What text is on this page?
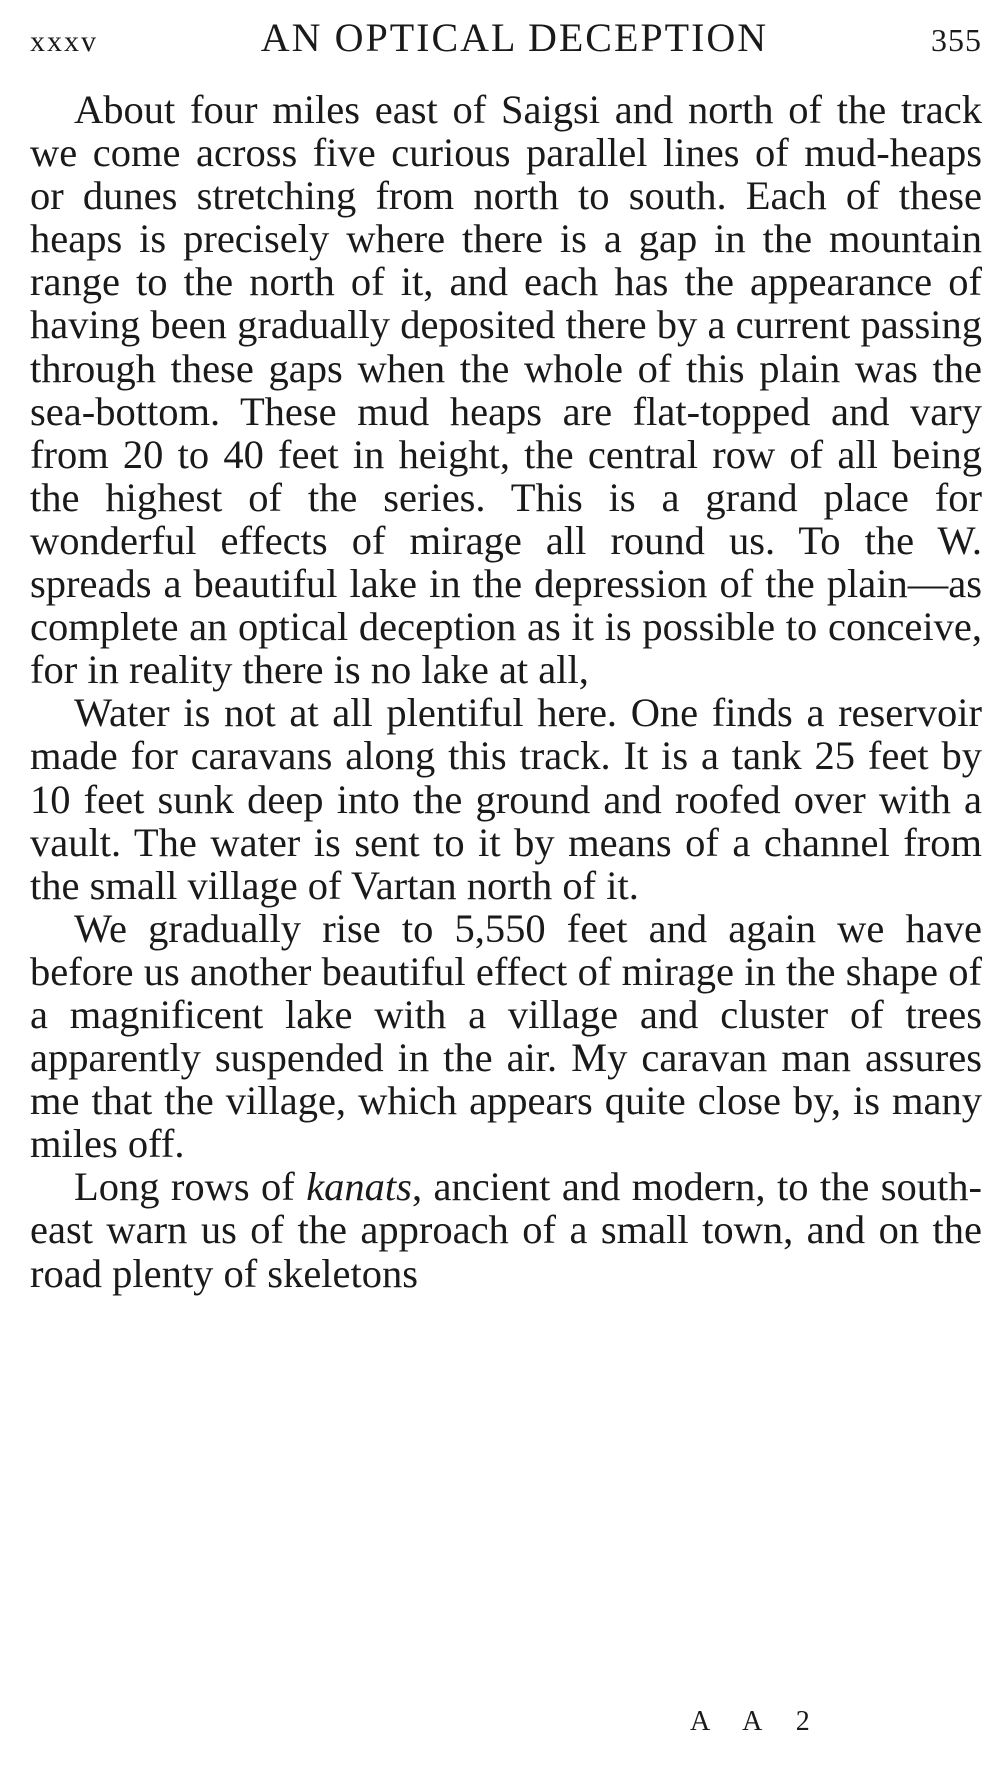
xxxv	AN OPTICAL DECEPTION	355

About four miles east of Saigsi and north of the track we come across five curious parallel lines of mud-heaps or dunes stretching from north to south. Each of these heaps is precisely where there is a gap in the mountain range to the north of it, and each has the appearance of having been gradually deposited there by a current passing through these gaps when the whole of this plain was the sea-bottom. These mud heaps are flat-topped and vary from 20 to 40 feet in height, the central row of all being the highest of the series. This is a grand place for wonderful effects of mirage all round us. To the W. spreads a beautiful lake in the depression of the plain—as complete an optical deception as it is possible to conceive, for in reality there is no lake at all,

Water is not at all plentiful here. One finds a reservoir made for caravans along this track. It is a tank 25 feet by 10 feet sunk deep into the ground and roofed over with a vault. The water is sent to it by means of a channel from the small village of Vartan north of it.

We gradually rise to 5,550 feet and again we have before us another beautiful effect of mirage in the shape of a magnificent lake with a village and cluster of trees apparently suspended in the air. My caravan man assures me that the village, which appears quite close by, is many miles off.

Long rows of kanats, ancient and modern, to the south-east warn us of the approach of a small town, and on the road plenty of skeletons

A A 2
